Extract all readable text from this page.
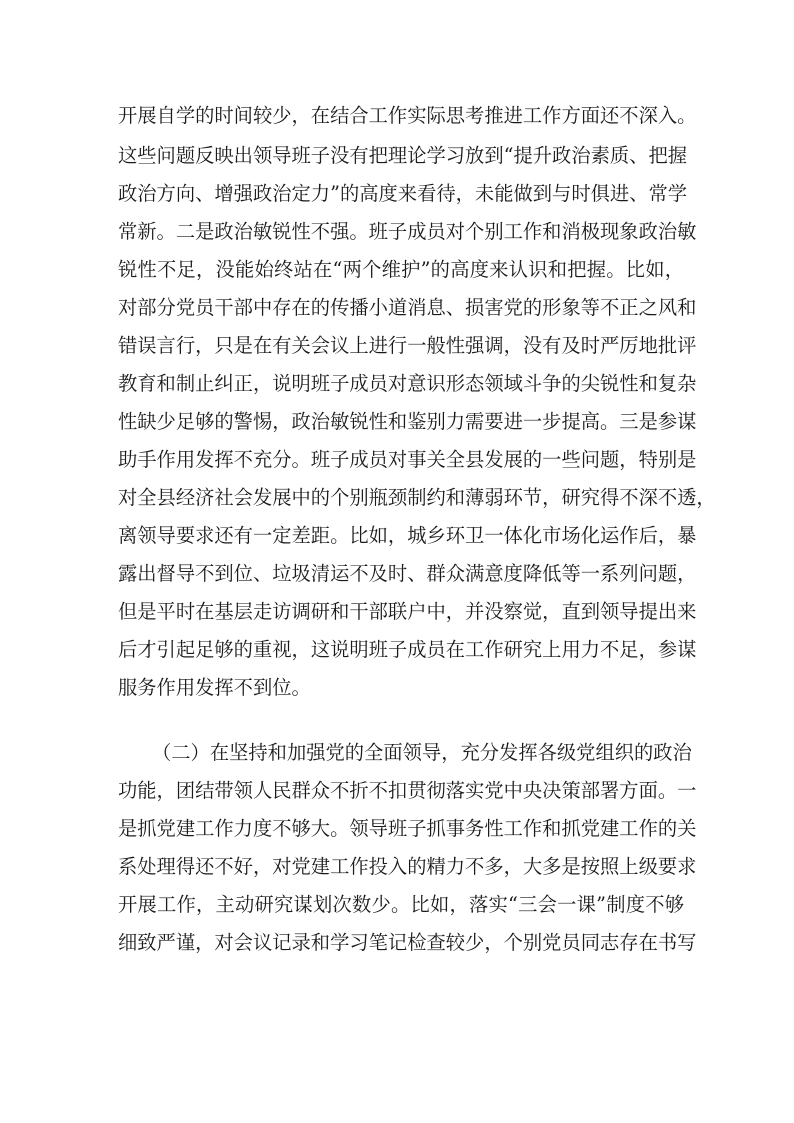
开展自学的时间较少，在结合工作实际思考推进工作方面还不深入。
这些问题反映出领导班子没有把理论学习放到“提升政治素质、把握
政治方向、增强政治定力”的高度来看待，未能做到与时俱进、常学
常新。二是政治敏锐性不强。班子成员对个别工作和消极现象政治敏
锐性不足，没能始终站在“两个维护”的高度来认识和把握。比如，
对部分党员干部中存在的传播小道消息、损害党的形象等不正之风和
错误言行，只是在有关会议上进行一般性强调，没有及时严厉地批评
教育和制止纠正，说明班子成员对意识形态领域斗争的尖锐性和复杂
性缺少足够的警惕，政治敏锐性和鉴别力需要进一步提高。三是参谋
助手作用发挥不充分。班子成员对事关全县发展的一些问题，特别是
对全县经济社会发展中的个别瓶颈制约和薄弱环节，研究得不深不透，
离领导要求还有一定差距。比如，城乡环卫一体化市场化运作后，暴
露出督导不到位、垃圾清运不及时、群众满意度降低等一系列问题，
但是平时在基层走访调研和干部联户中，并没察觉，直到领导提出来
后才引起足够的重视，这说明班子成员在工作研究上用力不足，参谋
服务作用发挥不到位。
（二）在坚持和加强党的全面领导，充分发挥各级党组织的政治
功能，团结带领人民群众不折不扣贯彻落实党中央决策部署方面。一
是抓党建工作力度不够大。领导班子抓事务性工作和抓党建工作的关
系处理得还不好，对党建工作投入的精力不多，大多是按照上级要求
开展工作，主动研究谋划次数少。比如，落实“三会一课”制度不够
细致严谨，对会议记录和学习笔记检查较少，个别党员同志存在书写
